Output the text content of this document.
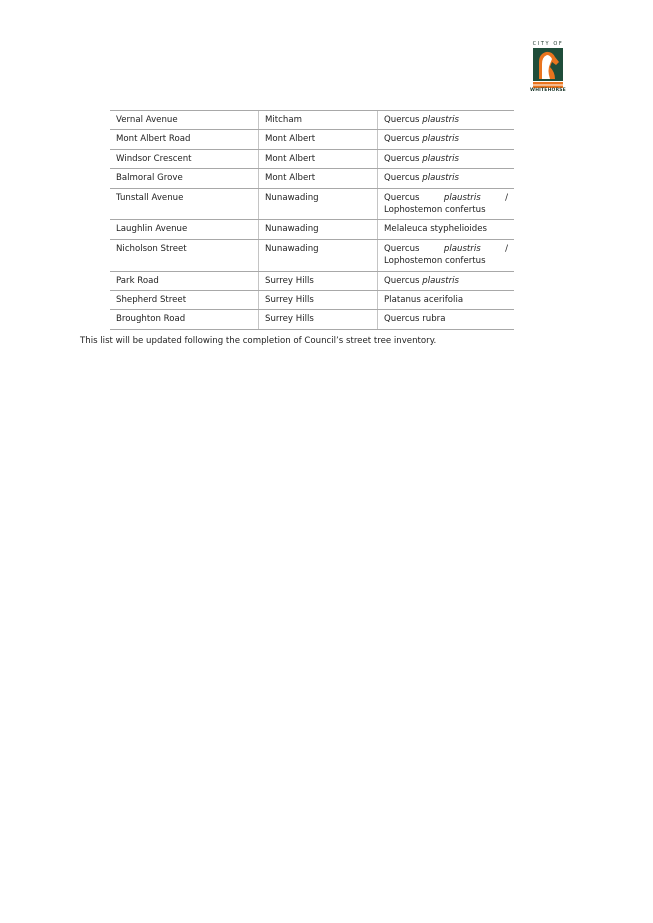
CITY OF
WHITEHORSE
Vernal Avenue	Mitcham	Quercus plaustris
Mont Albert Road	Mont Albert	Quercus plaustris
Windsor Crescent	Mont Albert	Quercus plaustris
Balmoral Grove	Mont Albert	Quercus plaustris
Tunstall Avenue	Nunawading	Quercus plaustris /
Lophostemon confertus

Laughlin Avenue	Nunawading	Melaleuca styphelioides
Nicholson Street	Nunawading	Quercus plaustris /
Lophostemon confertus

Park Road	Surrey Hills	Quercus plaustris
Shepherd Street	Surrey Hills	Platanus acerifolia
Broughton Road	Surrey Hills	Quercus rubra
This list will be updated following the completion of Council’s street tree inventory.
